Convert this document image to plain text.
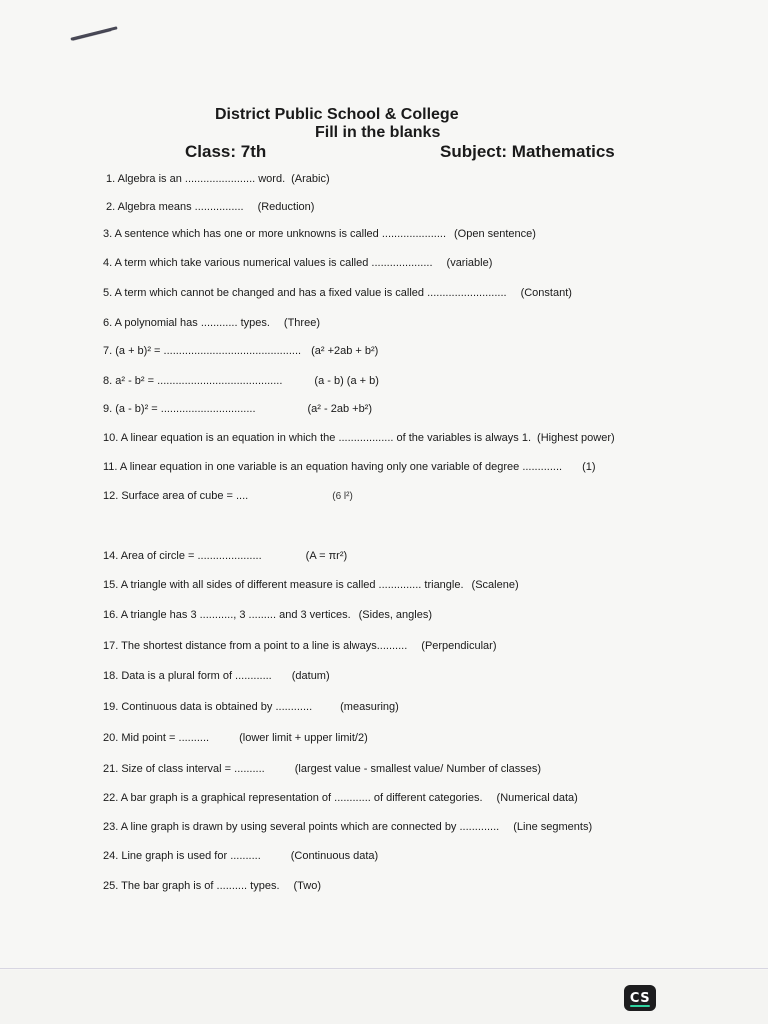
District Public School & College
Fill in the blanks
Class: 7th	Subject: Mathematics
1. Algebra is an ....................... word. (Arabic)
2. Algebra means ................ (Reduction)
3. A sentence which has one or more unknowns is called ..................... (Open sentence)
4. A term which take various numerical values is called .................... (variable)
5. A term which cannot be changed and has a fixed value is called .......................... (Constant)
6. A polynomial has ............ types. (Three)
7. (a + b)² = ............................................. (a² +2ab + b²)
8. a² - b² = .........................................	(a - b) (a + b)
9. (a - b)² = ...............................	(a² - 2ab +b²)
10. A linear equation is an equation in which the .................. of the variables is always 1. (Highest power)
11. A linear equation in one variable is an equation having only one variable of degree ............. (1)
12. Surface area of cube = ....	(6 l²)
14. Area of circle = .....................	(A = πr²)
15. A triangle with all sides of different measure is called .............. triangle. (Scalene)
16. A triangle has 3 ..........., 3 ......... and 3 vertices. (Sides, angles)
17. The shortest distance from a point to a line is always.......... (Perpendicular)
18. Data is a plural form of ............ (datum)
19. Continuous data is obtained by ............	(measuring)
20. Mid point = ..........	(lower limit + upper limit/2)
21. Size of class interval = ..........	(largest value - smallest value/ Number of classes)
22. A bar graph is a graphical representation of ............ of different categories. (Numerical data)
23. A line graph is drawn by using several points which are connected by ............. (Line segments)
24. Line graph is used for ..........	(Continuous data)
25. The bar graph is of .......... types. (Two)
CS
